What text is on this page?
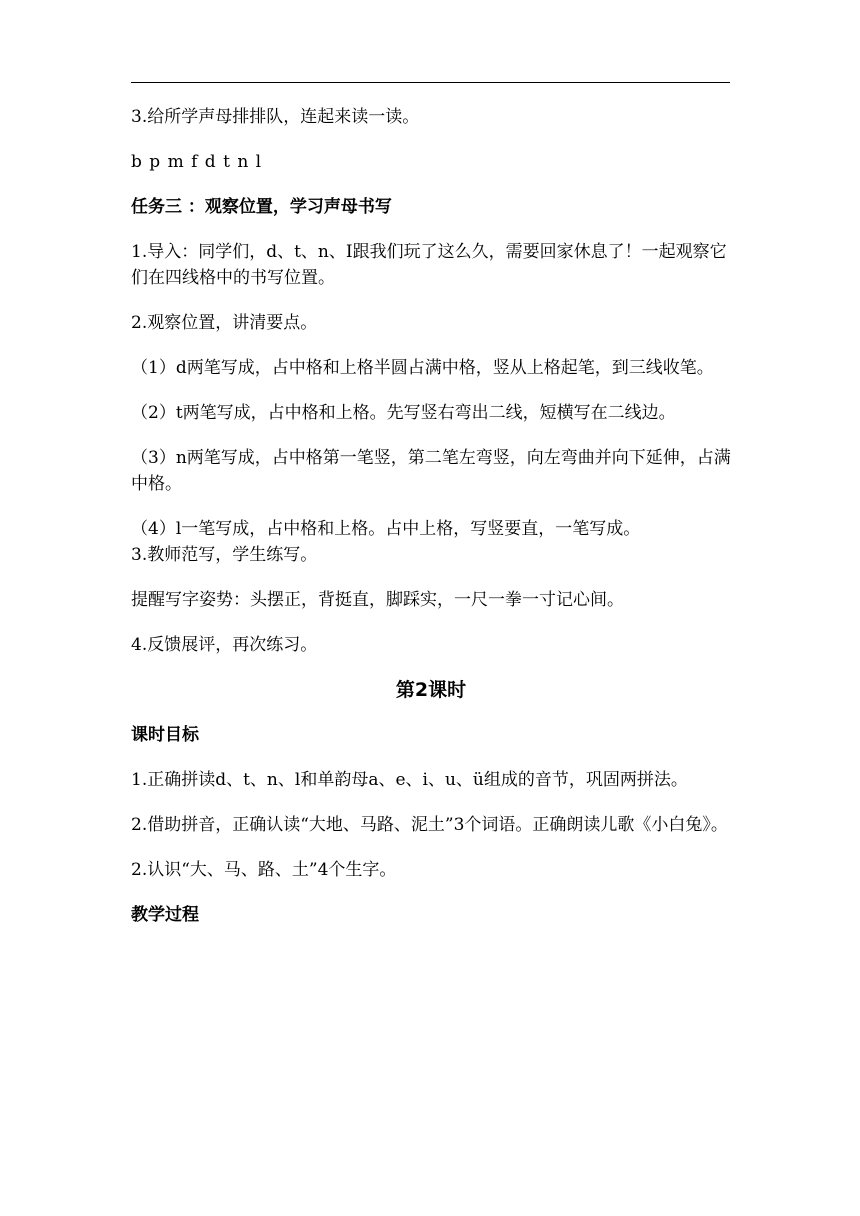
3.给所学声母排排队，连起来读一读。

b p m f d t n l

任务三 ：观察位置，学习声母书写

1.导入：同学们，d、t、n、I跟我们玩了这么久，需要回家休息了！一起观察它们在四线格中的书写位置。

2.观察位置，讲清要点。

（1）d两笔写成，占中格和上格半圆占满中格，竖从上格起笔，到三线收笔。

（2）t两笔写成，占中格和上格。先写竖右弯出二线，短横写在二线边。

（3）n两笔写成，占中格第一笔竖，第二笔左弯竖，向左弯曲并向下延伸，占满中格。

（4）l一笔写成，占中格和上格。占中上格，写竖要直，一笔写成。

3.教师范写，学生练写。

提醒写字姿势：头摆正，背挺直，脚踩实，一尺一拳一寸记心间。

4.反馈展评，再次练习。

第2课时

课时目标

1.正确拼读d、t、n、l和单韵母a、e、i、u、ü组成的音节，巩固两拼法。

2.借助拼音，正确认读“大地、马路、泥土”3个词语。正确朗读儿歌《小白兔》。

2.认识“大、马、路、土”4个生字。

教学过程
